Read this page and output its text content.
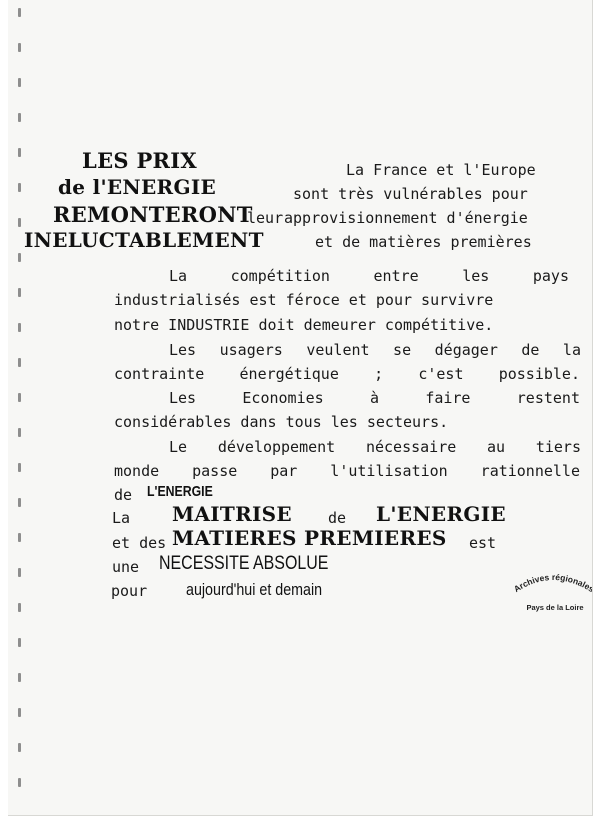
LES PRIX
de l'ENERGIE
REMONTERONT
INELUCTABLEMENT
La France et l'Europe
sont très vulnérables pour
leur approvisionnement d'énergie
et de matières premières
La compétition entre les pays
industrialisés est féroce et pour survivre
notre INDUSTRIE doit demeurer compétitive.
Les usagers veulent se dégager de la
contrainte énergétique ; c'est possible.
Les Economies à faire restent
considérables dans tous les secteurs.
Le développement nécessaire au tiers
monde passe par l'utilisation rationnelle
de L'ENERGIE
La MAITRISE de L'ENERGIE
et des MATIERES PREMIERES est
une NECESSITE ABSOLUE
pour aujourd'hui et demain	Archives régionales
Pays de la Loire
